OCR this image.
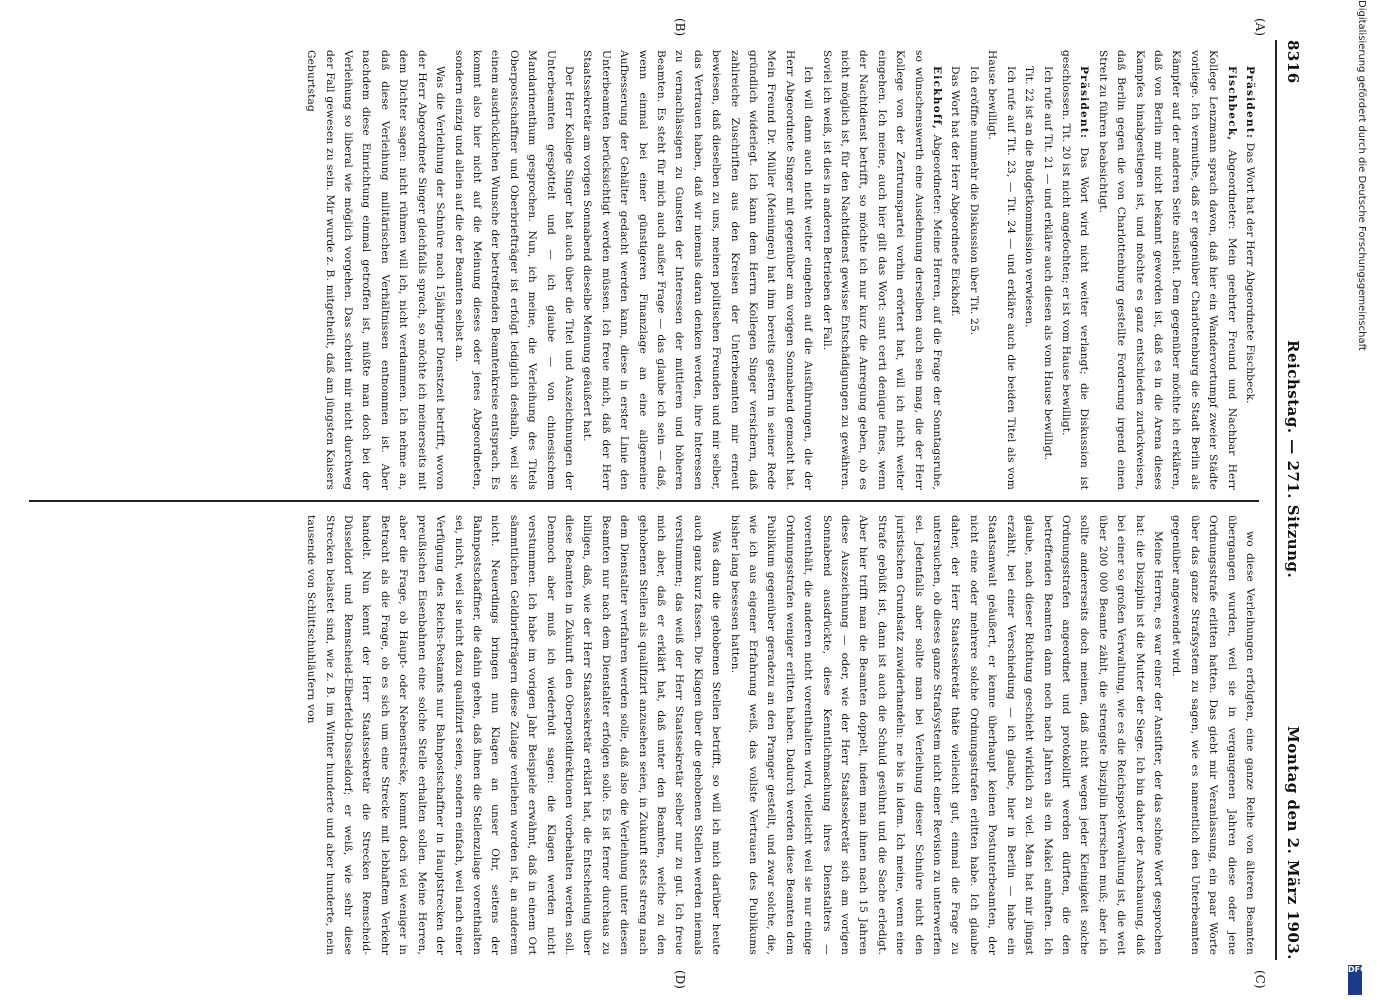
(A)
(B)
(C)
(D)
8316
Reichstag. — 271. Sitzung.
Montag den 2. März 1903.

Präsident: Das Wort hat der Herr Abgeordnete Fischbeck.

Fischbeck, Abgeordneter: Mein geehrter Freund und Nachbar Herr Kollege Lenzmann sprach davon, daß hier ein Wandervortumpf zweier Städte vorliege. Ich vermuthe, daß er gegenüber Charlottenburg die Stadt Berlin als Kämpfer auf der anderen Seite ansieht. Dem gegenüber möchte ich erklären, daß von Berlin mir nicht bekannt geworden ist, daß es in die Arena dieses Kampfes hinabgestiegen ist, und möchte es ganz entschieden zurückweisen, daß Berlin gegen die von Charlottenburg gestellte Forderung irgend einen Streit zu führen beabsichtigt.

Präsident: Das Wort wird nicht weiter verlangt; die Diskussion ist geschlossen. Tit. 20 ist nicht angefochten; er ist vom Hause bewilligt.

Ich rufe auf Tit. 21 — und erkläre auch diesen als vom Hause bewilligt.

Tit. 22 ist an die Budgetkommission verwiesen.

Ich rufe auf Tit. 23, — Tit. 24 — und erkläre auch die beiden Titel als vom Hause bewilligt.

Ich eröffne nunmehr die Diskussion über Tit. 25.

Das Wort hat der Herr Abgeordnete Eickhoff.

Eickhoff, Abgeordneter: Meine Herren, auf die Frage der Sonntagsruhe, so wünschenswerth eine Ausdehnung derselben auch sein mag, die der Herr Kollege von der Zentrumspartei vorhin erörtert hat, will ich nicht weiter eingehen. Ich meine, auch hier gilt das Wort: sunt certi denique fines, wenn der Nachtdienst betrifft, so möchte ich nur kurz die Anregung geben, ob es nicht möglich ist, für den Nachtdienst gewisse Entschädigungen zu gewähren. Soviel ich weiß, ist dies in anderen Betrieben der Fall.

Ich will dann auch nicht weiter eingehen auf die Ausführungen, die der Herr Abgeordnete Singer mit gegenüber am vorigen Sonnabend gemacht hat. Mein Freund Dr. Müller (Meiningen) hat ihm bereits gestern in seiner Rede gründlich widerlegt. Ich kann dem Herrn Kollegen Singer versichern, daß zahlreiche Zuschriften aus den Kreisen der Unterbeamten mir erneut bewiesen, daß dieselben zu uns, meinen politischen Freunden und mir selber, das Vertrauen haben, daß wir niemals daran denken werden, ihre Interessen zu vernachlässigen zu Gunsten der Interessen der mittleren und höheren Beamten. Es steht für mich auch außer Frage — das glaube ich sein — daß, wenn einmal bei einer günstigeren Finanzlage an eine allgemeine Aufbesserung der Gehälter gedacht werden kann, diese in erster Linie den Unterbeamten berücksichtigt werden müssen. Ich freue mich, daß der Herr Staatssekretär am vorigen Sonnabend dieselbe Meinung geäußert hat.

Der Herr Kollege Singer hat auch über die Titel und Auszeichnungen der Unterbeamten gespöttelt und — ich glaube — von chinesischem Mandarinenthum gesprochen. Nun, ich meine, die Verleihung des Titels Oberpostschaffner und Oberbriefträger ist erfolgt lediglich deshalb, weil sie einem ausdrücklichen Wunsche der betreffenden Beamtenkreise entsprach. Es kommt also hier nicht auf die Meinung dieses oder jenes Abgeordneten, sondern einzig und allein auf die der Beamten selbst an.

Was die Verleihung der Schnüre nach 15jähriger Dienstzeit betrifft, wovon der Herr Abgeordnete Singer gleichfalls sprach, so möchte ich meinerseits mit dem Dichter sagen: nicht rühmen will ich, nicht verdammen. Ich nehme an, daß diese Verleihung militärischen Verhältnissen entnommen ist. Aber nachdem diese Einrichtung einmal getroffen ist, müßte man doch bei der Verleihung so liberal wie möglich vorgehen. Das scheint mir nicht durchweg der Fall gewesen zu sein. Mir wurde z. B. mitgetheilt, daß am jüngsten Kaisers Geburtstag

wo diese Verleihungen erfolgten, eine ganze Reihe von älteren Beamten übergangen wurden, weil sie in vergangenen Jahren diese oder jene Ordnungsstrafe erlitten hatten. Das giebt mir Veranlassung, ein paar Worte über das ganze Strafsystem zu sagen, wie es namentlich den Unterbeamten gegenüber angewendet wird.

Meine Herren, es war einer der Anstifter, der das schöne Wort gesprochen hat: die Disziplin ist die Mutter der Siege. Ich bin daher der Anschauung, daß bei einer so großen Verwaltung, wie es die Reichspost-Verwaltung ist, die weit über 200 000 Beamte zählt, die strengste Disziplin herrschen muß; aber ich sollte andererseits doch meinen, daß nicht wegen jeder Kleinigkeit solche Ordnungsstrafen angeordnet und protokollirt werden dürften, die den betreffenden Beamten dann noch nach Jahren als ein Makel anhaften. Ich glaube, nach dieser Richtung geschieht wirklich zu viel. Man hat mir jüngst erzählt, bei einer Verschiedung — ich glaube, hier in Berlin — habe ein Staatsanwalt geäußert, er kenne überhaupt keinen Postunterbeamten, der nicht eine oder mehrere solche Ordnungsstrafen erlitten habe. Ich glaube daher, der Herr Staatssekretär thäte vielleicht gut, einmal die Frage zu untersuchen, ob dieses ganze Strafsystem nicht einer Revision zu unterwerfen sei. Jedenfalls aber sollte man bei Verleihung dieser Schnüre nicht den juristischen Grundsatz zuwiderhandeln: ne bis in idem. Ich meine, wenn eine Strafe gebüßt ist, dann ist auch die Schuld gesühnt und die Sache erledigt. Aber hier trifft man die Beamten doppelt, indem man ihnen nach 15 Jahren diese Auszeichnung — oder, wie der Herr Staatssekretär sich am vorigen Sonnabend ausdrückte, diese Kenntlichmachung ihres Dienstalters — vorenthält, die anderen nicht vorenthalten wird, vielleicht weil sie nur einige Ordnungsstrafen weniger erlitten haben. Dadurch werden diese Beamten dem Publikum gegenüber geradezu an den Pranger gestellt, und zwar solche, die, wie ich aus eigener Erfahrung weiß, das vollste Vertrauen des Publikums bisher lang besessen hatten.

Was dann die gehobenen Stellen betrifft, so will ich mich darüber heute auch ganz kurz fassen. Die Klagen über die gehobenen Stellen werden niemals verstummen; das weiß der Herr Staatssekretär selber nur zu gut. Ich freue mich aber, daß er erklärt hat, daß unter den Beamten, welche zu den gehobenen Stellen als qualifizirt anzusehen seien, in Zukunft stets streng nach dem Dienstalter verfahren werden solle, daß also die Verleihung unter diesen Beamten nur nach dem Dienstalter erfolgen solle. Es ist ferner durchaus zu billigen, daß, wie der Herr Staatssekretär erklärt hat, die Entscheidung über diese Beamten in Zukunft den Oberpostdirektionen vorbehalten werden soll. Dennoch aber muß ich wiederholt sagen: die Klagen werden nicht verstummen. Ich habe im vorigen Jahr Beispiele erwähnt, daß in einem Ort sämmtlichen Geldbriefträgern diese Zulage verliehen worden ist, an anderem nicht. Neuerdings bringen nun Klagen an unser Ohr, seitens der Bahnpostschaffner, die dahin gehen, daß ihnen die Stellenzulage vorenthalten sei, nicht, weil sie nicht dazu qualifizirt seien, sondern einfach, weil nach einer Verfügung des Reichs-Postamts nur Bahnpostschaffner in Hauptstrecken der preußischen Eisenbahnen eine solche Stelle erhalten sollen. Meine Herren, aber die Frage, ob Haupt- oder Nebenstrecke, kommt doch viel weniger in Betracht als die Frage, ob es sich um eine Strecke mit lebhaftem Verkehr handelt. Nun kennt der Herr Staatssekretär die Strecken Remscheid-Düsseldorf und Remscheid-Elberfeld-Düsseldorf; er weiß, wie sehr diese Strecken belastet sind, wie z. B. im Winter hunderte und aber hunderte, nein tausende von Schlittschuhläufern von

Digitalisierung gefördert durch die Deutsche Forschungsgemeinschaft
DFG
